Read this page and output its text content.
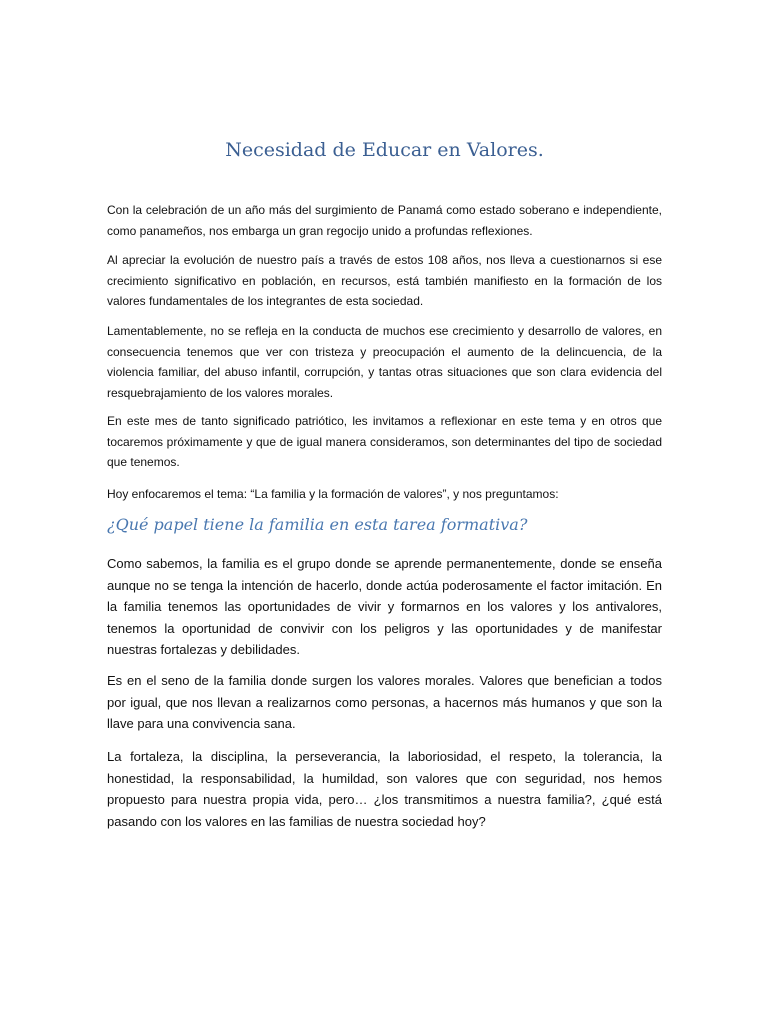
Necesidad de Educar en Valores.

Con la celebración de un año más del surgimiento de Panamá como estado soberano e independiente, como panameños, nos embarga un gran regocijo unido a profundas reflexiones.

Al apreciar la evolución de nuestro país a través de estos 108 años, nos lleva a cuestionarnos si ese crecimiento significativo en población, en recursos, está también manifiesto en la formación de los valores fundamentales de los integrantes de esta sociedad.

Lamentablemente, no se refleja en la conducta de muchos ese crecimiento y desarrollo de valores, en consecuencia tenemos que ver con tristeza y preocupación el aumento de la delincuencia, de la violencia familiar, del abuso infantil, corrupción, y tantas otras situaciones que son clara evidencia del resquebrajamiento de los valores morales.

En este mes de tanto significado patriótico, les invitamos a reflexionar en este tema y en otros que tocaremos próximamente y que de igual manera consideramos, son determinantes del tipo de sociedad que tenemos.

Hoy enfocaremos el tema: “La familia y la formación de valores”, y nos preguntamos:

¿Qué papel tiene la familia en esta tarea formativa?

Como sabemos, la familia es el grupo donde se aprende permanentemente, donde se enseña aunque no se tenga la intención de hacerlo, donde actúa poderosamente el factor imitación. En la familia tenemos las oportunidades de vivir y formarnos en los valores y los antivalores, tenemos la oportunidad de convivir con los peligros y las oportunidades y de manifestar nuestras fortalezas y debilidades.

Es en el seno de la familia donde surgen los valores morales. Valores que benefician a todos por igual, que nos llevan a realizarnos como personas, a hacernos más humanos y que son la llave para una convivencia sana.

La fortaleza, la disciplina, la perseverancia, la laboriosidad, el respeto, la tolerancia, la honestidad, la responsabilidad, la humildad, son valores que con seguridad, nos hemos propuesto para nuestra propia vida, pero… ¿los transmitimos a nuestra familia?, ¿qué está pasando con los valores en las familias de nuestra sociedad hoy?
